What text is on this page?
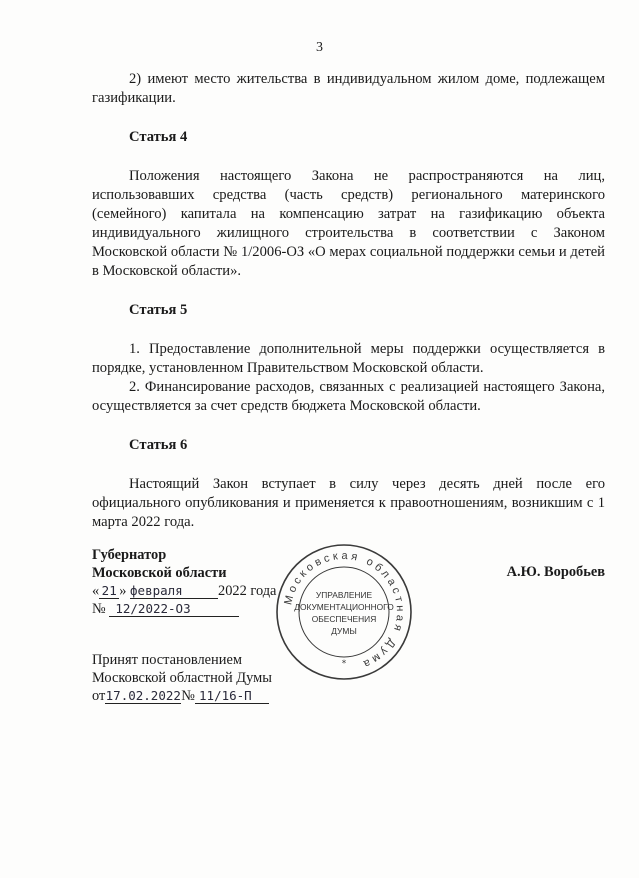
3

2) имеют место жительства в индивидуальном жилом доме, подлежащем газификации.

Статья 4

Положения настоящего Закона не распространяются на лиц, использовавших средства (часть средств) регионального материнского (семейного) капитала на компенсацию затрат на газификацию объекта индивидуального жилищного строительства в соответствии с Законом Московской области № 1/2006-ОЗ «О мерах социальной поддержки семьи и детей в Московской области».

Статья 5

1. Предоставление дополнительной меры поддержки осуществляется в порядке, установленном Правительством Московской области.

2. Финансирование расходов, связанных с реализацией настоящего Закона, осуществляется за счет средств бюджета Московской области.

Статья 6

Настоящий Закон вступает в силу через десять дней после его официального опубликования и применяется к правоотношениям, возникшим с 1 марта 2022 года.

Губернатор
Московской области
« 21 » февраля 2022 года
№ 12/2022-ОЗ
А.Ю. Воробьев
Московская областная Дума
*
УПРАВЛЕНИЕ
ДОКУМЕНТАЦИОННОГО
ОБЕСПЕЧЕНИЯ
ДУМЫ
Принят постановлением
Московской областной Думы
от17.02.2022№ 11/16-П
